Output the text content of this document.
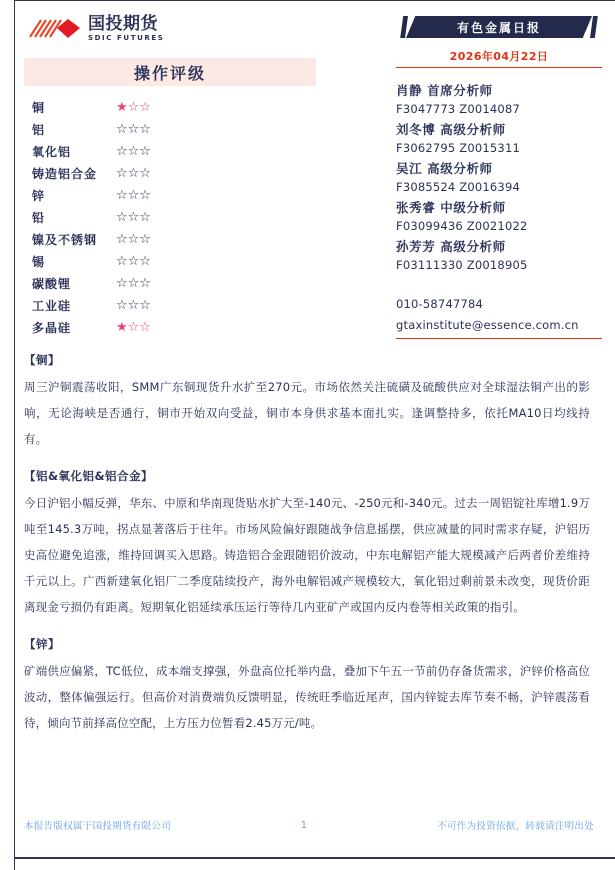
国投期货
SDIC FUTURES
操作评级
铜	★☆☆
铝	☆☆☆
氧化铝	☆☆☆
铸造铝合金	☆☆☆
锌	☆☆☆
铅	☆☆☆
镍及不锈钢	☆☆☆
锡	☆☆☆
碳酸锂	☆☆☆
工业硅	☆☆☆
多晶硅	★☆☆
有色金属日报
2026年04月22日
肖静 首席分析师
F3047773 Z0014087
刘冬博 高级分析师
F3062795 Z0015311
吴江 高级分析师
F3085524 Z0016394
张秀睿 中级分析师
F03099436 Z0021022
孙芳芳 高级分析师
F03111330 Z0018905
010-58747784
gtaxinstitute@essence.com.cn
【铜】
周三沪铜震荡收阳，SMM广东铜现货升水扩至270元。市场依然关注硫磺及硫酸供应对全球湿法铜产出的影响，无论海峡是否通行，铜市开始双向受益，铜市本身供求基本面扎实。逢调整持多，依托MA10日均线持有。
【铝&氧化铝&铝合金】
今日沪铝小幅反弹，华东、中原和华南现货贴水扩大至-140元、-250元和-340元。过去一周铝锭社库增1.9万吨至145.3万吨，拐点显著落后于往年。市场风险偏好跟随战争信息摇摆，供应减量的同时需求存疑，沪铝历史高位避免追涨，维持回调买入思路。铸造铝合金跟随铝价波动，中东电解铝产能大规模减产后两者价差维持千元以上。广西新建氧化铝厂二季度陆续投产，海外电解铝减产规模较大，氧化铝过剩前景未改变，现货价距离现金亏损仍有距离。短期氧化铝延续承压运行等待几内亚矿产或国内反内卷等相关政策的指引。
【锌】
矿端供应偏紧，TC低位，成本端支撑强，外盘高位托举内盘，叠加下午五一节前仍存备货需求，沪锌价格高位波动，整体偏强运行。但高价对消费端负反馈明显，传统旺季临近尾声，国内锌锭去库节奏不畅，沪锌震荡看待，倾向节前择高位空配，上方压力位暂看2.45万元/吨。
本报告版权属于国投期货有限公司	1	不可作为投资依据，转载请注明出处
